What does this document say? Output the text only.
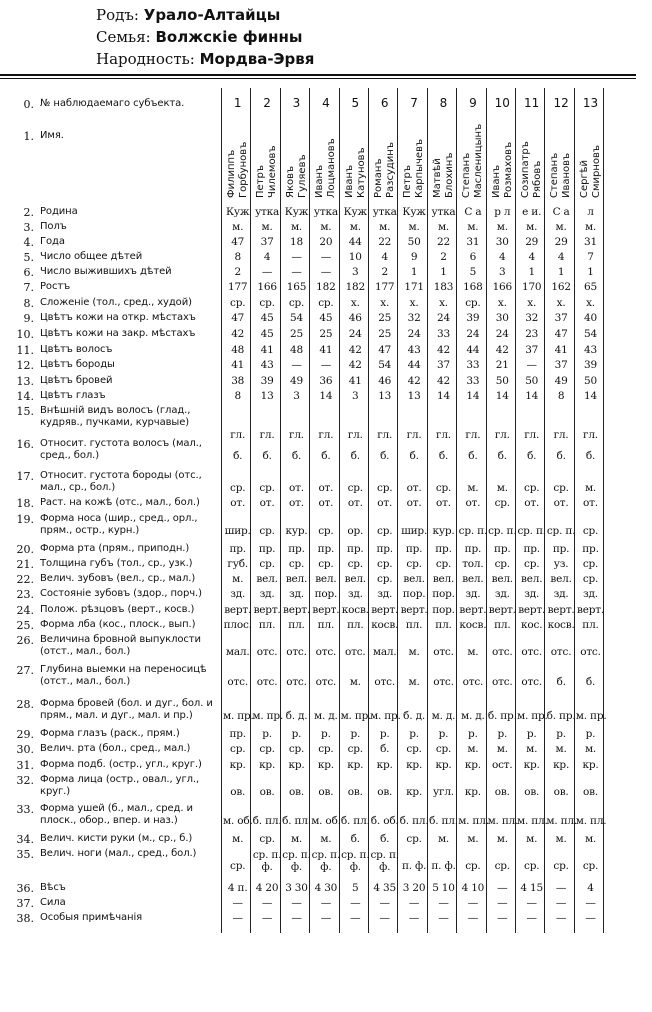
Родъ: Урало-Алтайцы
Семья: Волжскіе финны
Народность: Мордва-Эрвя
0. № наблюдаемаго субъекта.
1. Имя.
2. Родина
3. Полъ
4. Года
5. Число общее дѣтей
6. Число выжившихъ дѣтей
7. Ростъ
8. Сложеніе (тол., сред., худой)
9. Цвѣтъ кожи на откр. мѣстахъ
10. Цвѣтъ кожи на закр. мѣстахъ
11. Цвѣтъ волосъ
12. Цвѣтъ бороды
13. Цвѣтъ бровей
14. Цвѣтъ глазъ
15. Внѣшній видъ волосъ (глад., кудряв., пучками, курчавые)
16. Относит. густота волосъ (мал., сред., бол.)
17. Относит. густота бороды (отс., мал., ср., бол.)
18. Раст. на кожѣ (отс., мал., бол.)
19. Форма носа (шир., сред., орл., прям., остр., курн.)
20. Форма рта (прям., приподн.)
21. Толщина губъ (тол., ср., узк.)
22. Велич. зубовъ (вел., ср., мал.)
23. Состояніе зубовъ (здор., порч.)
24. Полож. рѣзцовъ (верт., косв.)
25. Форма лба (кос., плоск., вып.)
26. Величина бровной выпуклости (отст., мал., бол.)
27. Глубина выемки на переносицѣ (отст., мал., бол.)
28. Форма бровей (бол. и дуг., бол. и прям., мал. и дуг., мал. и пр.)
29. Форма глазъ (раск., прям.)
30. Велич. рта (бол., сред., мал.)
31. Форма подб. (остр., угл., круг.)
32. Форма лица (остр., овал., угл., круг.)
33. Форма ушей (б., мал., сред. и плоск., обор., впер. и наз.)
34. Велич. кисти руки (м., ср., б.)
35. Велич. ноги (мал., сред., бол.)
36. Вѣсъ
37. Сила
38. Особыя примѣчанія
1
Филиппъ
Горбуновъ
Куж
м.
47
8
2
177
ср.
47
42
48
41
38
8
гл.
б.
ср.
от.
шир.
пр.
губ.
м.
зд.
верт.
плос.
мал.
отс.
м. пр.
пр.
ср.
кр.
ов.
м. об.
м.
ср.
4 п.
—
—
2
Петръ
Чилемовъ
утка
м.
37
4
—
166
ср.
45
45
41
43
39
13
гл.
б.
ср.
от.
ср.
пр.
ср.
вел.
зд.
верт.
пл.
отс.
отс.
м. пр.
р.
ср.
кр.
ов.
б. пл.
ср.
ср. п. ф.
4 20
—
—
3
Яковъ
Гуляевъ
Куж
м.
18
—
—
165
ср.
54
25
48
—
49
3
гл.
б.
от.
от.
кур.
пр.
ср.
вел.
зд.
верт.
пл.
отс.
отс.
б. д.
р.
ср.
кр.
ов.
б. пл.
м.
ср. п. ф.
3 30
—
—
4
Иванъ
Лоцмановъ
утка
м.
20
—
—
182
ср.
45
25
41
—
36
14
гл.
б.
от.
от.
ср.
пр.
ср.
вел.
пор.
верт.
пл.
отс.
отс.
м. д.
р.
ср.
кр.
ов.
м. об.
м.
ср. п. ф.
4 30
—
—
5
Иванъ
Катуновъ
Куж
м.
44
10
3
182
х.
46
24
42
42
41
3
гл.
б.
ср.
от.
ор.
пр.
ср.
вел.
зд.
косв.
пл.
отс.
м.
м. пр.
р.
ср.
кр.
ов.
б. пл.
б.
ср. п. ф.
5
—
—
6
Романъ
Разсудинъ
утка
м.
22
4
2
177
х.
25
25
47
54
46
13
гл.
б.
ср.
от.
ср.
пр.
ср.
ср.
зд.
верт.
косв.
мал.
отс.
м. пр.
р.
б.
кр.
ов.
б. об.
б.
ср. п. ф.
4 35
—
—
7
Петръ
Карпычевъ
Куж
м.
50
9
1
171
х.
32
24
43
44
42
13
гл.
б.
от.
от.
шир.
пр.
ср.
вел.
пор.
верт.
пл.
м.
м.
б. д.
р.
ср.
кр.
кр.
б. пл.
ср.
п. ф.
3 20
—
—
8
Матвѣй
Блохинъ
утка
м.
22
2
1
183
х.
24
33
42
37
42
14
гл.
б.
ср.
от.
кур.
пр.
ср.
вел.
пор.
пор.
пл.
отс.
отс.
м. д.
р.
ср.
кр.
угл.
б. пл.
м.
п. ф.
5 10
—
—
9
Степанъ
Масленицынъ
С а
м.
31
6
5
168
ср.
39
24
44
33
33
14
гл.
б.
м.
от.
ср. п.
пр.
тол.
вел.
зд.
верт.
косв.
м.
отс.
м. д.
р.
м.
кр.
кр.
м. пл.
м.
ср.
4 10
—
—
10
Иванъ
Розмаховъ
р л
м.
30
4
3
166
х.
30
24
42
21
50
14
гл.
б.
м.
ср.
ср. п.
пр.
ср.
вел.
зд.
верт.
пл.
отс.
отс.
б. пр.
р.
м.
ост.
ов.
м. пл.
м.
ср.
—
—
—
11
Созипатръ
Рябовъ
е и.
м.
29
4
1
170
х.
32
23
37
—
50
14
гл.
б.
ср.
от.
ср. п.
пр.
ср.
вел.
зд.
верт.
кос.
отс.
отс.
м. пр.
р.
м.
кр.
ов.
м. пл.
м.
ср.
4 15
—
—
12
Степанъ
Ивановъ
С а
м.
29
4
1
162
х.
37
47
41
37
49
8
гл.
б.
ср.
от.
ср. п.
пр.
уз.
вел.
зд.
верт.
косв.
отс.
б.
б. пр.
р.
м.
кр.
ов.
м. пл.
м.
ср.
—
—
—
13
Сергѣй
Смирновъ
л
м.
31
7
1
65
х.
40
54
43
39
50
14
гл.
б.
м.
от.
ср.
пр.
ср.
ср.
зд.
верт.
пл.
отс.
б.
м. пр.
р.
м.
кр.
ов.
м. пл.
м.
ср.
4
—
—
